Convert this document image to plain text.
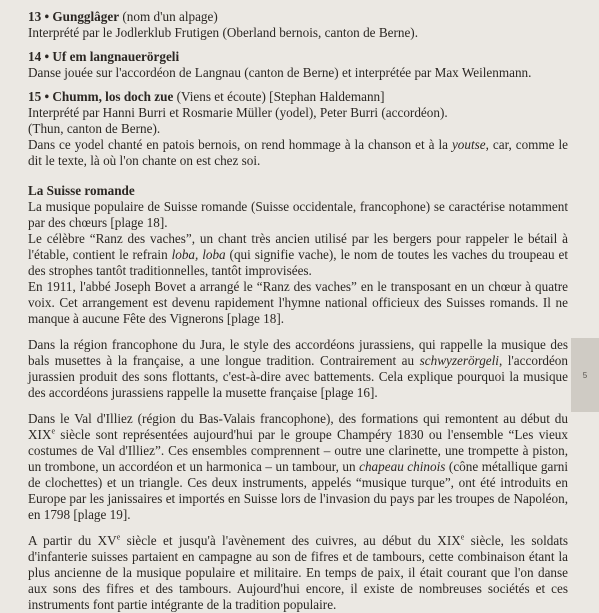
13 • Gungglâger (nom d'un alpage)

Interprété par le Jodlerklub Frutigen (Oberland bernois, canton de Berne).

14 • Uf em langnauerörgeli

Danse jouée sur l'accordéon de Langnau (canton de Berne) et interprétée par Max Weilenmann.

15 • Chumm, los doch zue (Viens et écoute) [Stephan Haldemann]

Interprété par Hanni Burri et Rosmarie Müller (yodel), Peter Burri (accordéon).

(Thun, canton de Berne).

Dans ce yodel chanté en patois bernois, on rend hommage à la chanson et à la youtse, car, comme le dit le texte, là où l'on chante on est chez soi.

La Suisse romande

La musique populaire de Suisse romande (Suisse occidentale, francophone) se caractérise notamment par des chœurs [plage 18].

Le célèbre “Ranz des vaches”, un chant très ancien utilisé par les bergers pour rappeler le bétail à l'étable, contient le refrain loba, loba (qui signifie vache), le nom de toutes les vaches du troupeau et des strophes tantôt traditionnelles, tantôt improvisées.

En 1911, l'abbé Joseph Bovet a arrangé le “Ranz des vaches” en le transposant en un chœur à quatre voix. Cet arrangement est devenu rapidement l'hymne national officieux des Suisses romands. Il ne manque à aucune Fête des Vignerons [plage 18].

Dans la région francophone du Jura, le style des accordéons jurassiens, qui rappelle la musique des bals musettes à la française, a une longue tradition. Contrairement au schwyzerörgeli, l'accordéon jurassien produit des sons flottants, c'est-à-dire avec battements. Cela explique pourquoi la musique des accordéons jurassiens rappelle la musette française [plage 16].

Dans le Val d'Illiez (région du Bas-Valais francophone), des formations qui remontent au début du XIXe siècle sont représentées aujourd'hui par le groupe Champéry 1830 ou l'ensemble “Les vieux costumes de Val d'Illiez”. Ces ensembles comprennent – outre une clarinette, une trompette à piston, un trombone, un accordéon et un harmonica – un tambour, un chapeau chinois (cône métallique garni de clochettes) et un triangle. Ces deux instruments, appelés “musique turque”, ont été introduits en Europe par les janissaires et importés en Suisse lors de l'invasion du pays par les troupes de Napoléon, en 1798 [plage 19].

A partir du XVe siècle et jusqu'à l'avènement des cuivres, au début du XIXe siècle, les soldats d'infanterie suisses partaient en campagne au son de fifres et de tambours, cette combinaison étant la plus ancienne de la musique populaire et militaire. En temps de paix, il était courant que l'on danse aux sons des fifres et des tambours. Aujourd'hui encore, il existe de nombreuses sociétés et ces instruments font partie intégrante de la tradition populaire.

5
